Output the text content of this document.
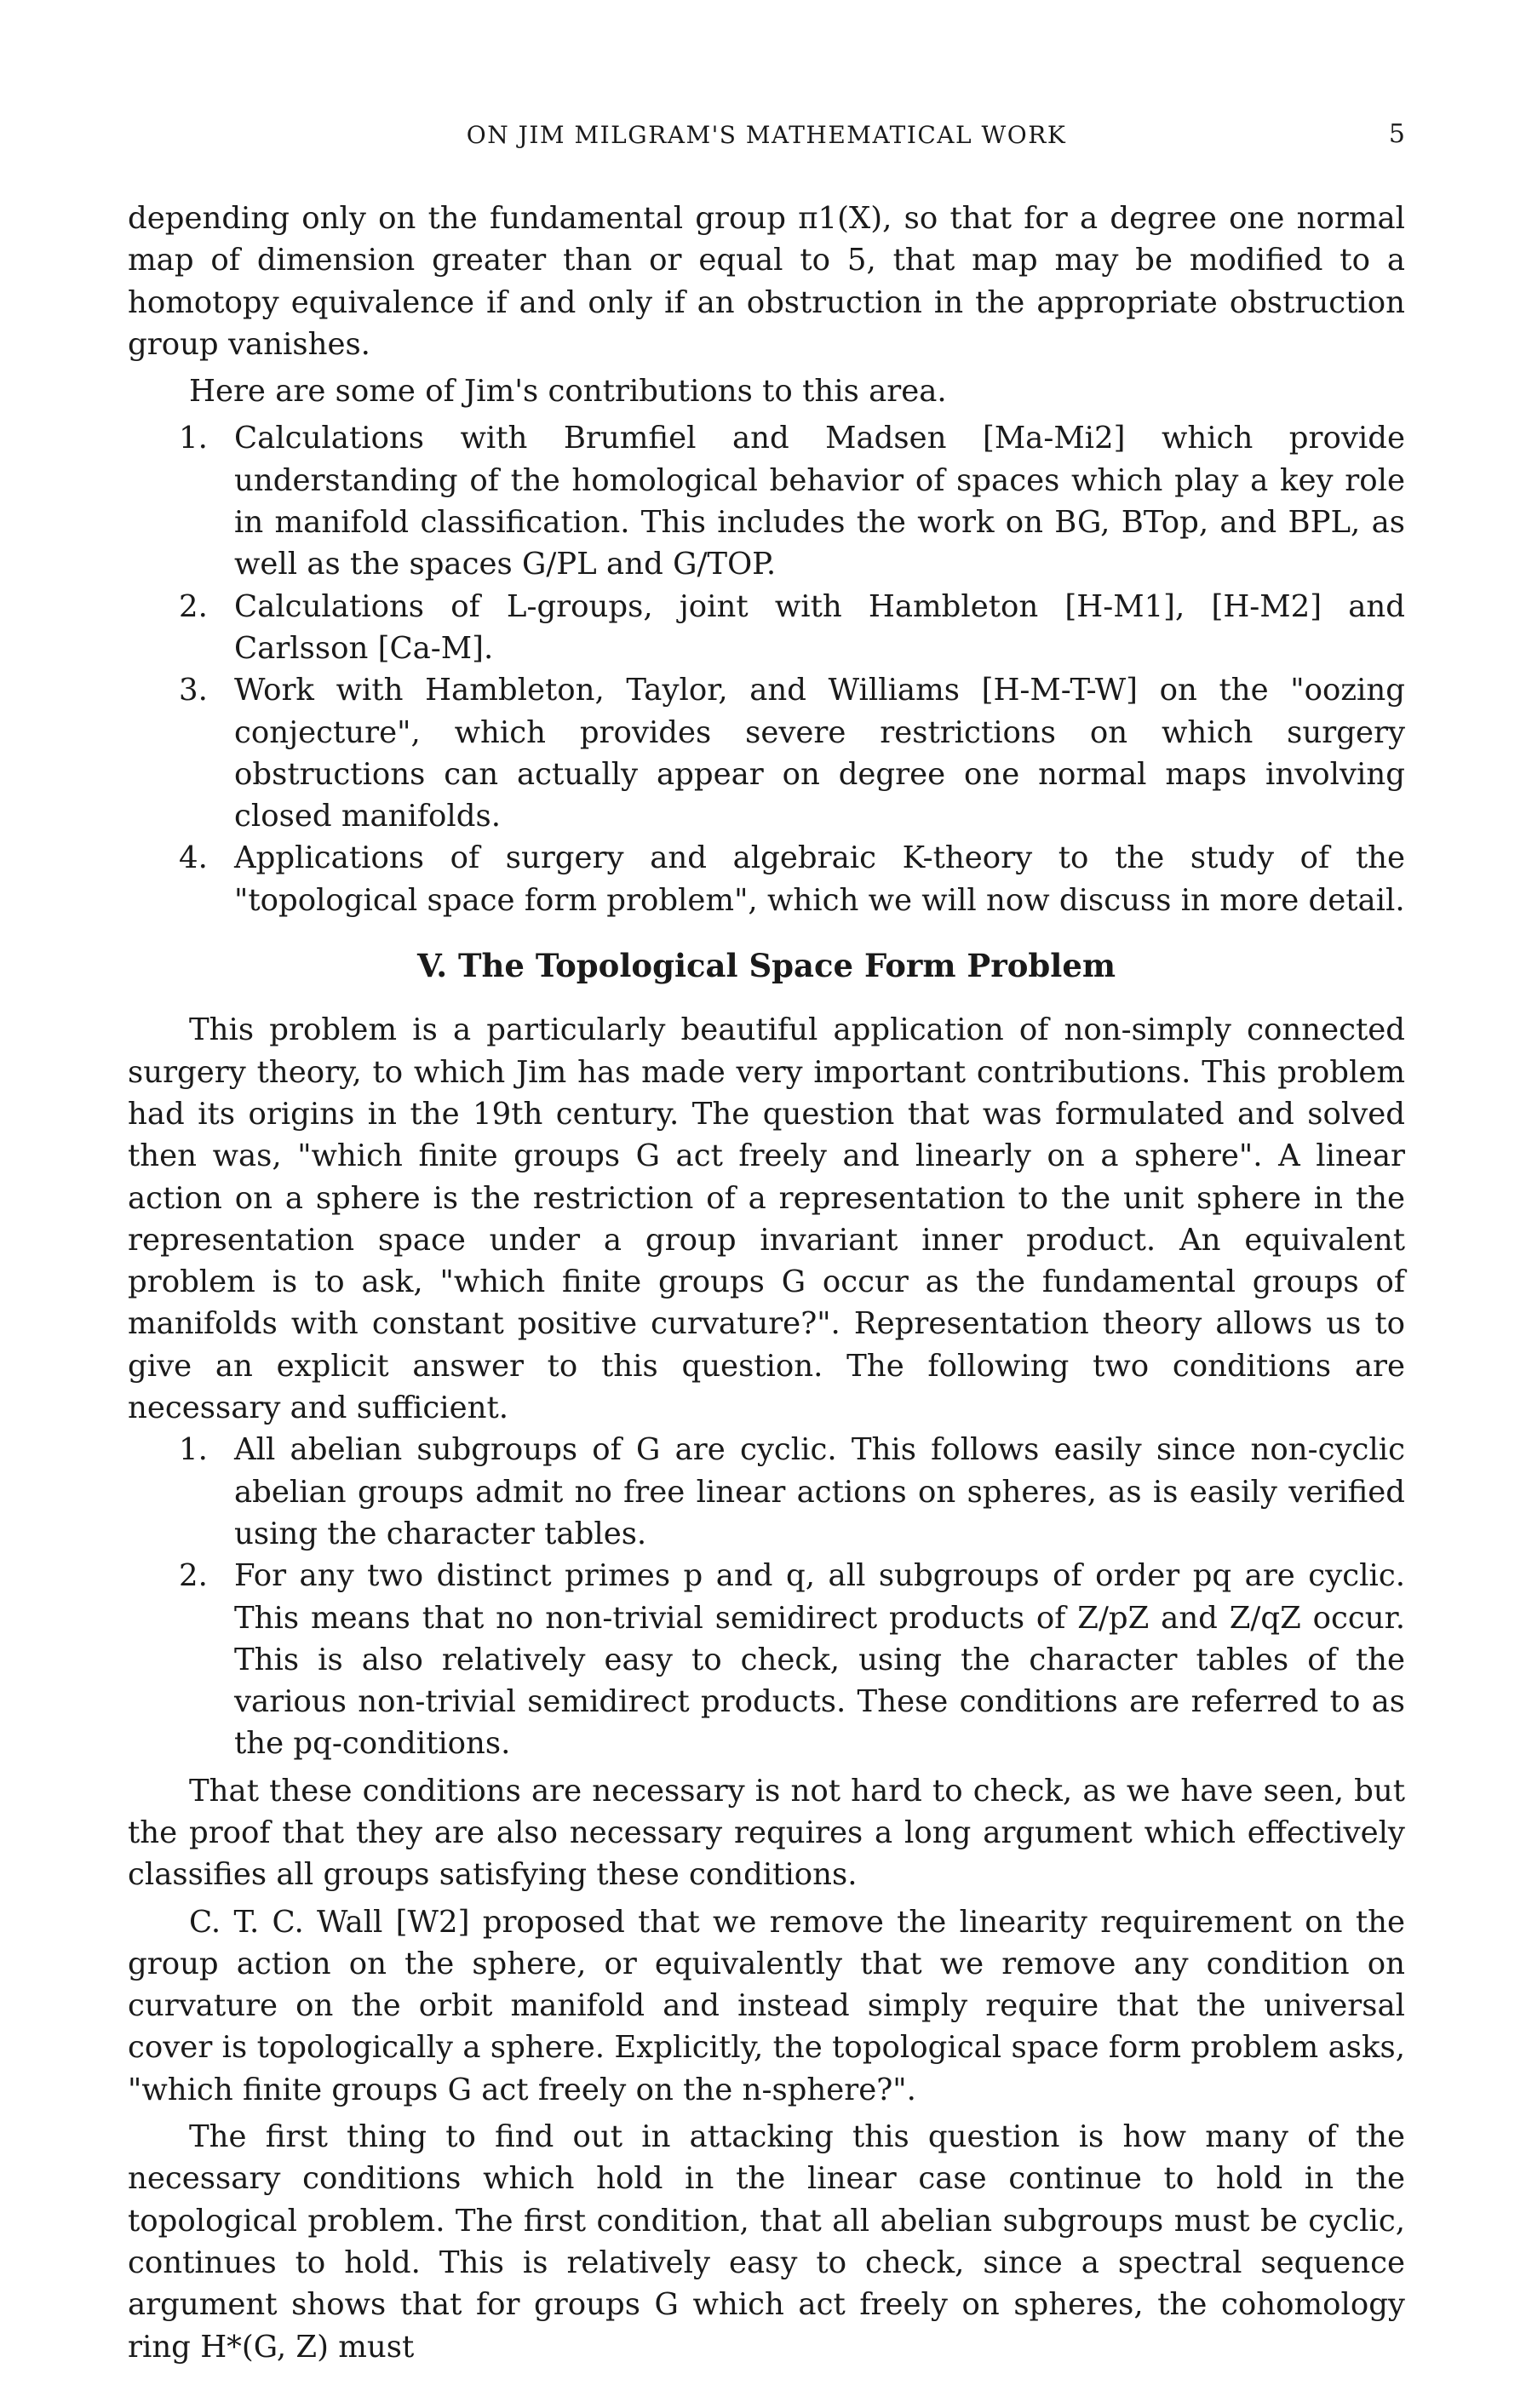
ON JIM MILGRAM'S MATHEMATICAL WORK	5

depending only on the fundamental group π1(X), so that for a degree one normal map of dimension greater than or equal to 5, that map may be modified to a homotopy equivalence if and only if an obstruction in the appropriate obstruction group vanishes.

Here are some of Jim's contributions to this area.

1. Calculations with Brumfiel and Madsen [Ma-Mi2] which provide understanding of the homological behavior of spaces which play a key role in manifold classification. This includes the work on BG, BTop, and BPL, as well as the spaces G/PL and G/TOP.
2. Calculations of L-groups, joint with Hambleton [H-M1], [H-M2] and Carlsson [Ca-M].
3. Work with Hambleton, Taylor, and Williams [H-M-T-W] on the "oozing conjecture", which provides severe restrictions on which surgery obstructions can actually appear on degree one normal maps involving closed manifolds.
4. Applications of surgery and algebraic K-theory to the study of the "topological space form problem", which we will now discuss in more detail.
V. The Topological Space Form Problem

This problem is a particularly beautiful application of non-simply connected surgery theory, to which Jim has made very important contributions. This problem had its origins in the 19th century. The question that was formulated and solved then was, "which finite groups G act freely and linearly on a sphere". A linear action on a sphere is the restriction of a representation to the unit sphere in the representation space under a group invariant inner product. An equivalent problem is to ask, "which finite groups G occur as the fundamental groups of manifolds with constant positive curvature?". Representation theory allows us to give an explicit answer to this question. The following two conditions are necessary and sufficient.

1. All abelian subgroups of G are cyclic. This follows easily since non-cyclic abelian groups admit no free linear actions on spheres, as is easily verified using the character tables.
2. For any two distinct primes p and q, all subgroups of order pq are cyclic. This means that no non-trivial semidirect products of Z/pZ and Z/qZ occur. This is also relatively easy to check, using the character tables of the various non-trivial semidirect products. These conditions are referred to as the pq-conditions.

That these conditions are necessary is not hard to check, as we have seen, but the proof that they are also necessary requires a long argument which effectively classifies all groups satisfying these conditions.

C. T. C. Wall [W2] proposed that we remove the linearity requirement on the group action on the sphere, or equivalently that we remove any condition on curvature on the orbit manifold and instead simply require that the universal cover is topologically a sphere. Explicitly, the topological space form problem asks, "which finite groups G act freely on the n-sphere?".

The first thing to find out in attacking this question is how many of the necessary conditions which hold in the linear case continue to hold in the topological problem. The first condition, that all abelian subgroups must be cyclic, continues to hold. This is relatively easy to check, since a spectral sequence argument shows that for groups G which act freely on spheres, the cohomology ring H*(G, Z) must
